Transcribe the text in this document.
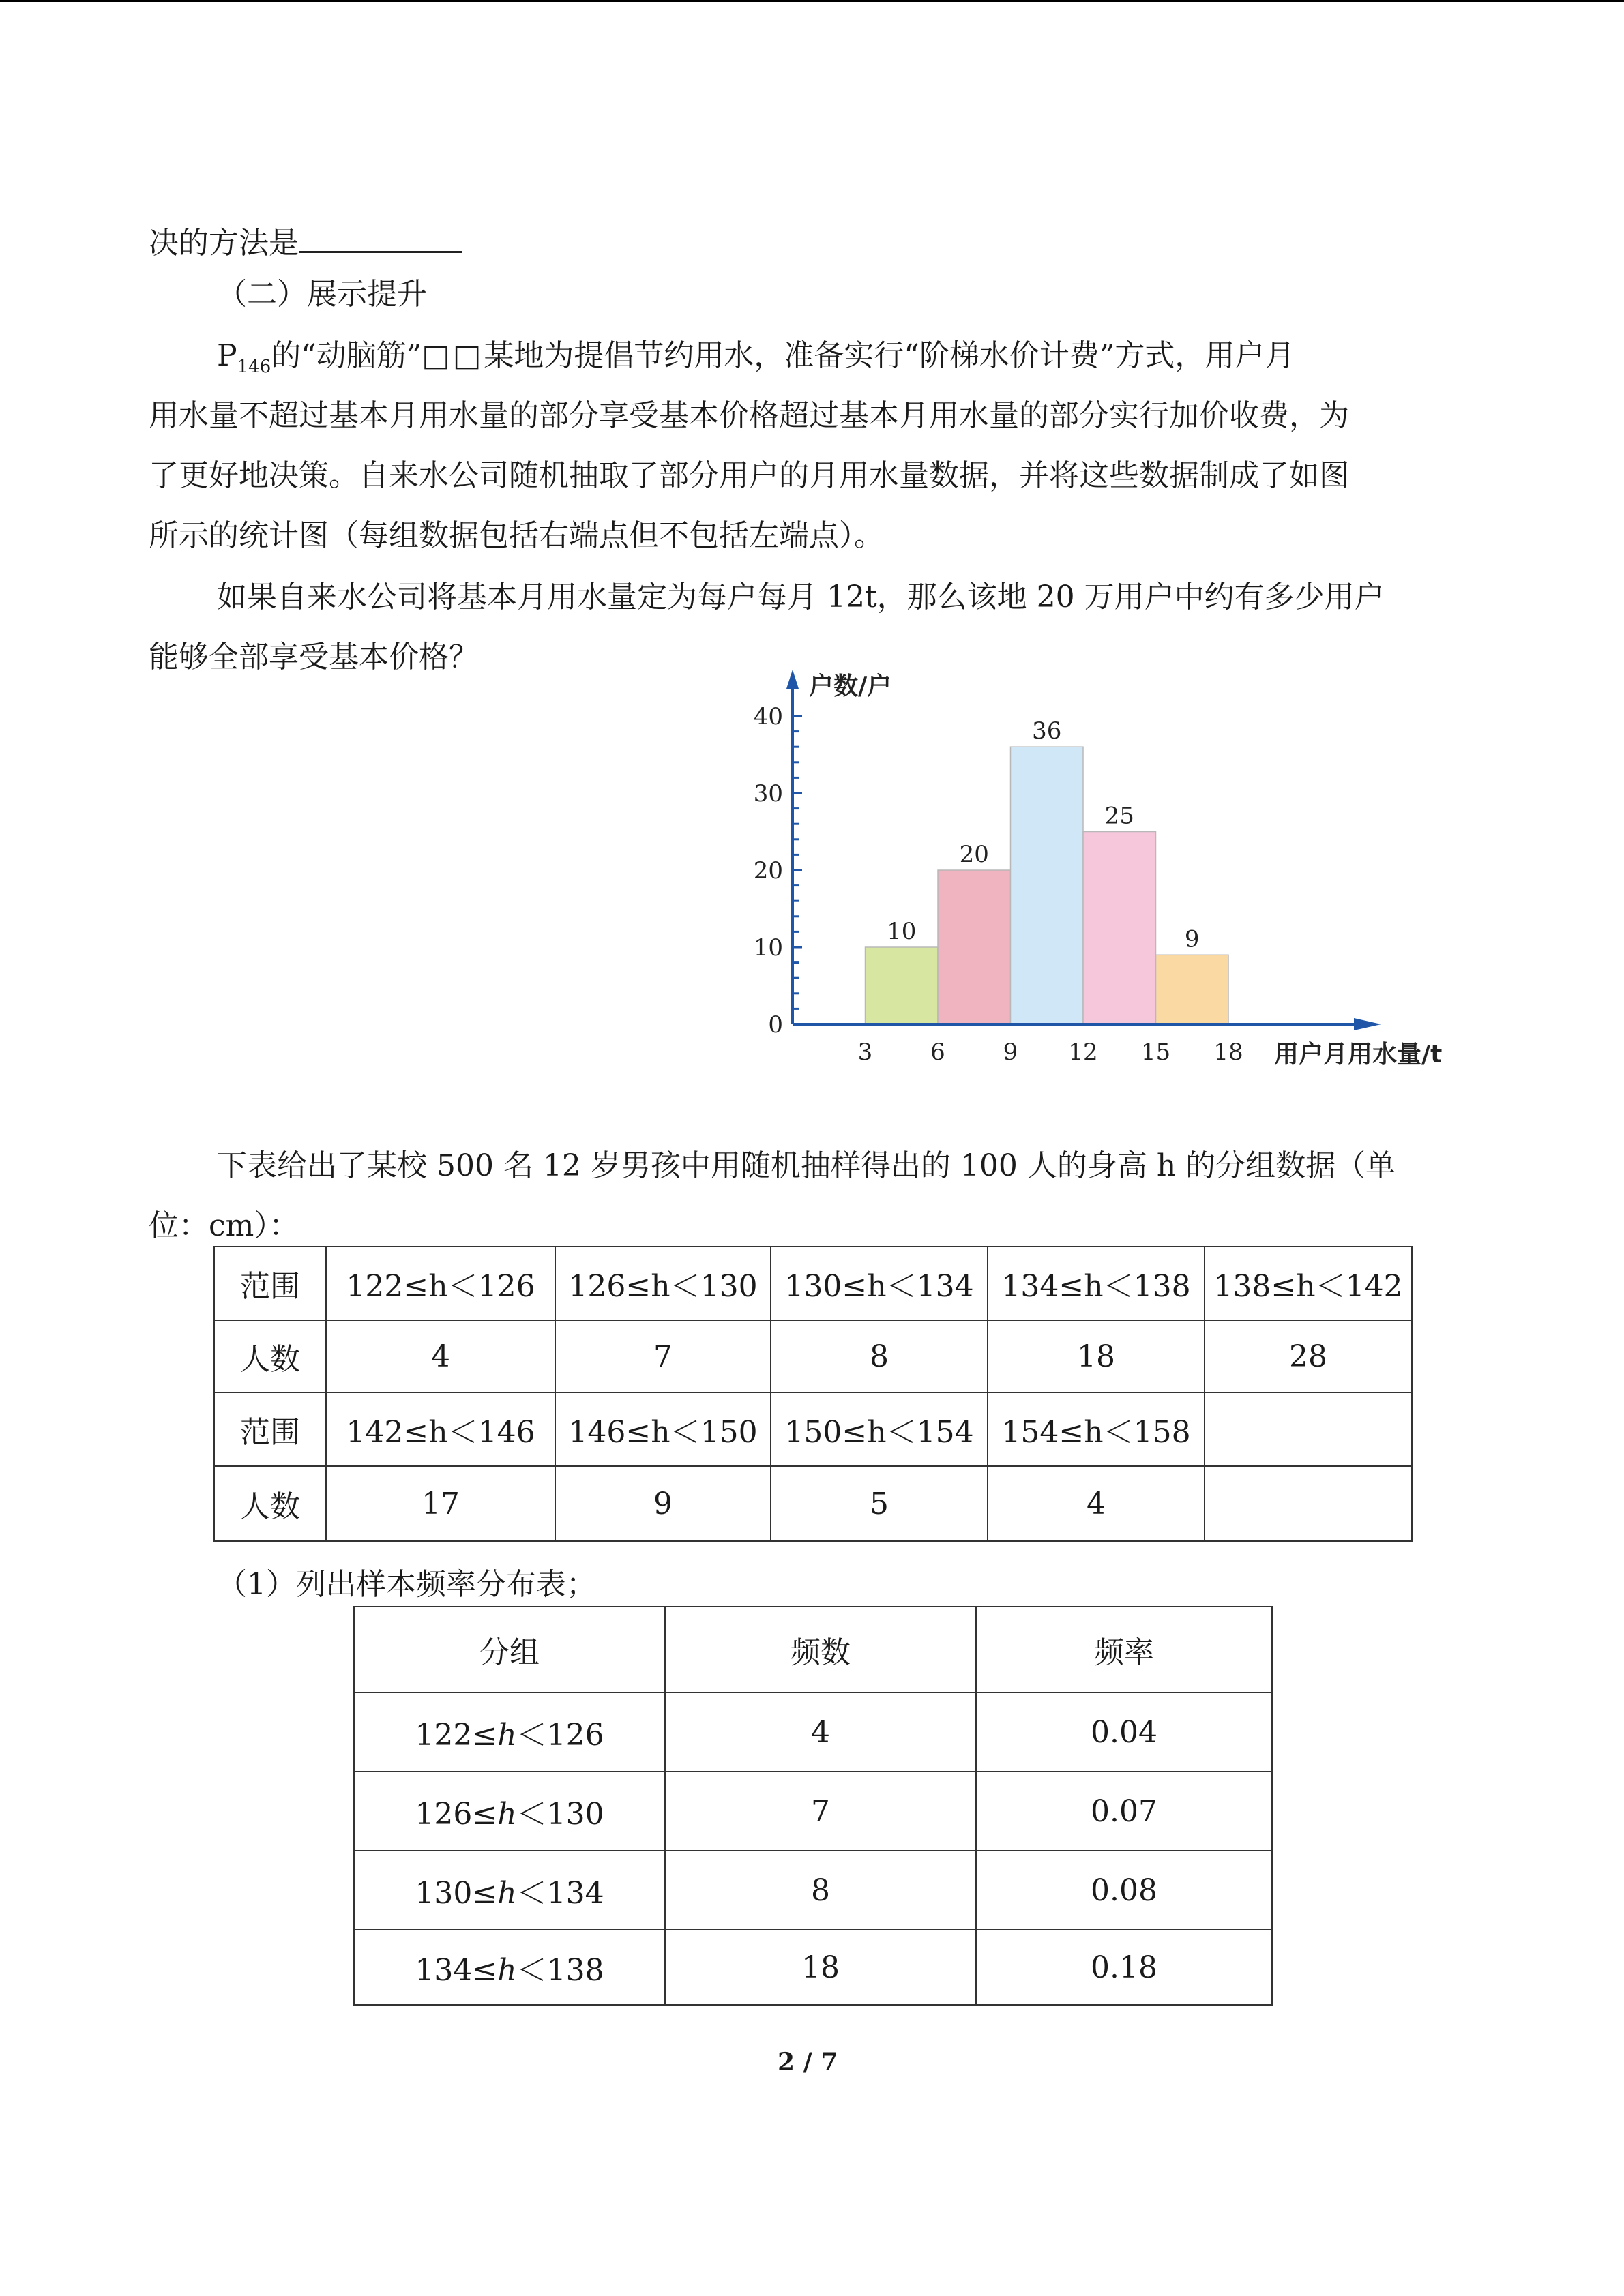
决的方法是
（二）展示提升
$P_{146}$的“动脑筋”□□某地为提倡节约用水，准备实行“阶梯水价计费”方式，用户月
用水量不超过基本月用水量的部分享受基本价格超过基本月用水量的部分实行加价收费，为
了更好地决策。自来水公司随机抽取了部分用户的月用水量数据，并将这些数据制成了如图
所示的统计图（每组数据包括右端点但不包括左端点）。
如果自来水公司将基本月用水量定为每户每月 12t，那么该地 20 万用户中约有多少用户
能够全部享受基本价格？
10
20
36
25
9
0
10
20
30
40
户数/户
3 6 9 12 15 18 用户月用水量/t
下表给出了某校 500 名 12 岁男孩中用随机抽样得出的 100 人的身高 h 的分组数据（单
位：cm）：
范围	122≤h＜126	126≤h＜130	130≤h＜134	134≤h＜138	138≤h＜142
人数	4	7	8	18	28
范围	142≤h＜146	146≤h＜150	150≤h＜154	154≤h＜158	
人数	17	9	5	4	
（1）列出样本频率分布表；
分组	频数	频率
122≤h＜126	4	0.04
126≤h＜130	7	0.07
130≤h＜134	8	0.08
134≤h＜138	18	0.18
2 / 7
